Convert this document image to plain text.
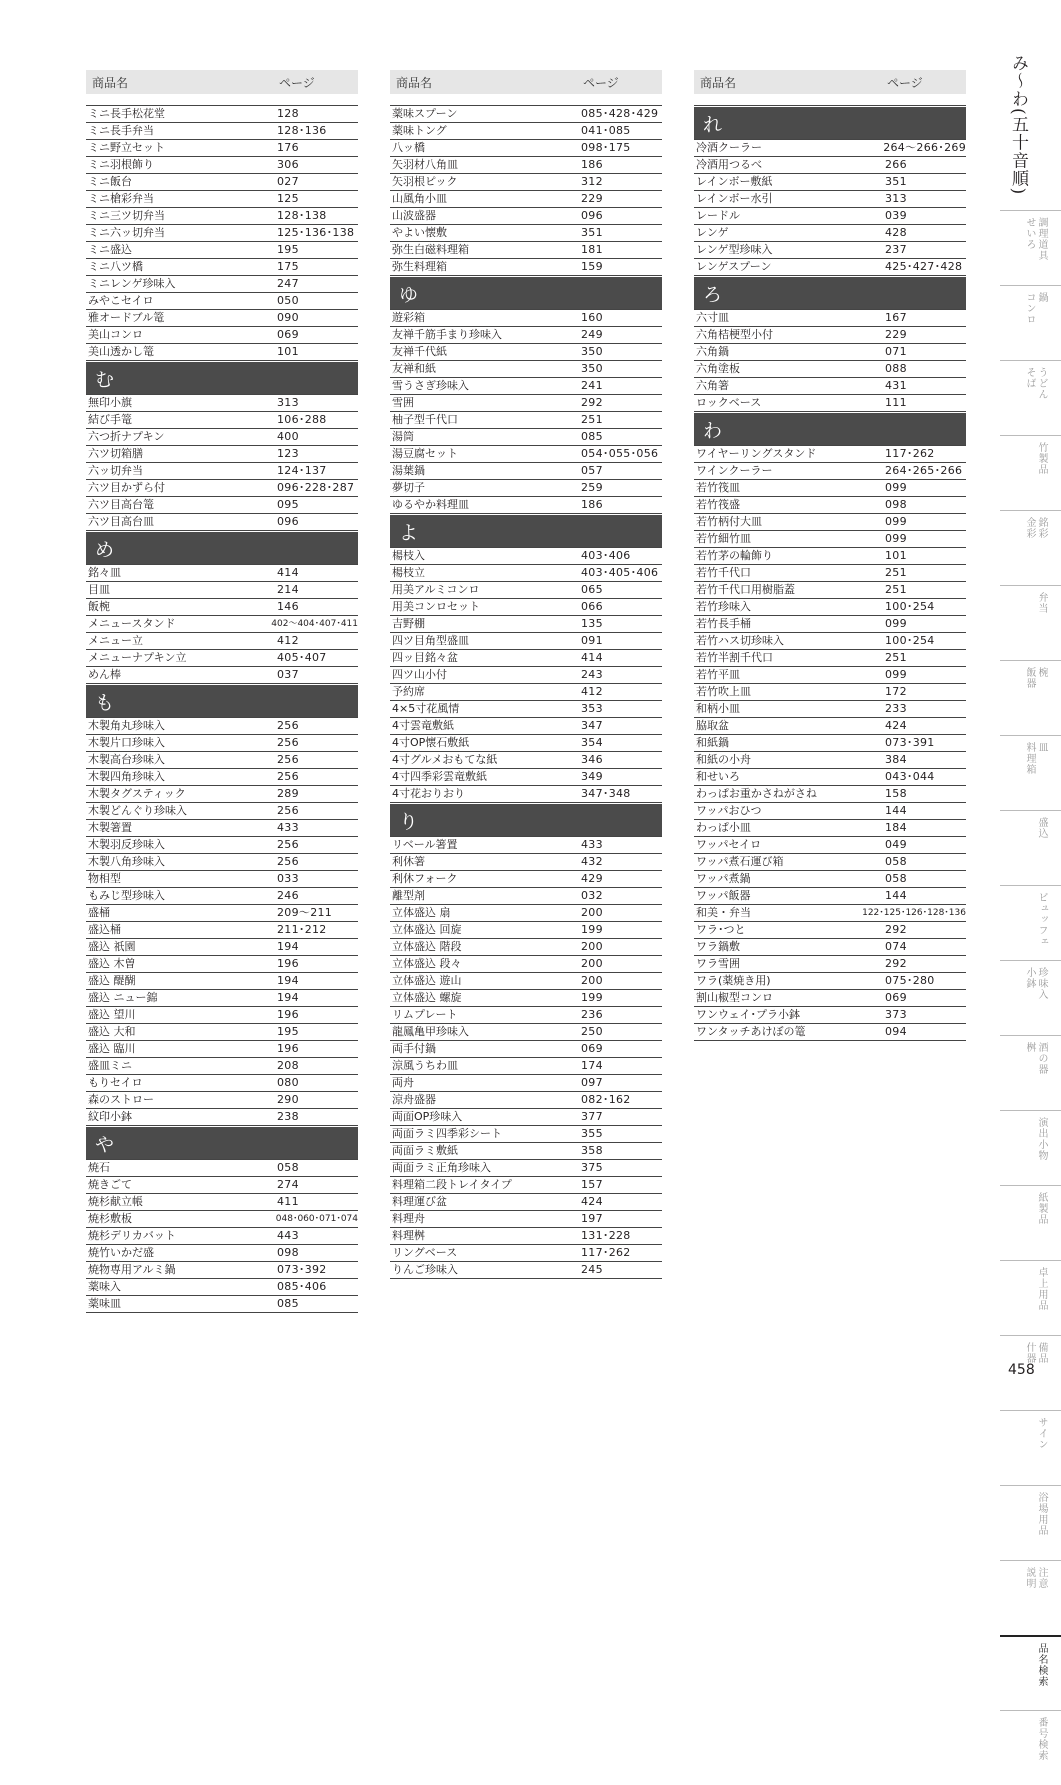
商品名	ページ
ミニ長手松花堂	128
ミニ長手弁当	128･136
ミニ野立セット	176
ミニ羽根飾り	306
ミニ飯台	027
ミニ槍彩弁当	125
ミニ三ツ切弁当	128･138
ミニ六ッ切弁当	125･136･138
ミニ盛込	195
ミニ八ツ橋	175
ミニレンゲ珍味入	247
みやこセイロ	050
雅オードブル篭	090
美山コンロ	069
美山透かし篭	101
む
無印小旗	313
結び手篭	106･288
六つ折ナプキン	400
六ツ切箱膳	123
六ッ切弁当	124･137
六ツ目かずら付	096･228･287
六ツ目高台篭	095
六ツ目高台皿	096
め
銘々皿	414
目皿	214
飯椀	146
メニュースタンド	402〜404･407･411
メニュー立	412
メニューナプキン立	405･407
めん棒	037
も
木製角丸珍味入	256
木製片口珍味入	256
木製高台珍味入	256
木製四角珍味入	256
木製タグスティック	289
木製どんぐり珍味入	256
木製箸置	433
木製羽反珍味入	256
木製八角珍味入	256
物相型	033
もみじ型珍味入	246
盛桶	209〜211
盛込桶	211･212
盛込 祇園	194
盛込 木曽	196
盛込 醍醐	194
盛込 ニュー錦	194
盛込 望川	196
盛込 大和	195
盛込 臨川	196
盛皿ミニ	208
もりセイロ	080
森のストロー	290
紋印小鉢	238
や
焼石	058
焼きごて	274
焼杉献立帳	411
焼杉敷板	048･060･071･074
焼杉デリカバット	443
焼竹いかだ盛	098
焼物専用アルミ鍋	073･392
薬味入	085･406
薬味皿	085
商品名	ページ
薬味スプーン	085･428･429
薬味トング	041･085
八ッ橋	098･175
矢羽材八角皿	186
矢羽根ピック	312
山風角小皿	229
山波盛器	096
やよい懐敷	351
弥生白磁料理箱	181
弥生料理箱	159
ゆ
遊彩箱	160
友禅千筋手まり珍味入	249
友禅千代紙	350
友禅和紙	350
雪うさぎ珍味入	241
雪囲	292
柚子型千代口	251
湯筒	085
湯豆腐セット	054･055･056
湯葉鍋	057
夢切子	259
ゆるやか料理皿	186
よ
楊枝入	403･406
楊枝立	403･405･406
用美アルミコンロ	065
用美コンロセット	066
吉野棚	135
四ツ目角型盛皿	091
四ッ目銘々盆	414
四ツ山小付	243
予約席	412
4×5寸花風情	353
4寸雲竜敷紙	347
4寸OP懐石敷紙	354
4寸グルメおもてな紙	346
4寸四季彩雲竜敷紙	349
4寸花おりおり	347･348
り
リベール箸置	433
利休箸	432
利休フォーク	429
離型剤	032
立体盛込 扇	200
立体盛込 回旋	199
立体盛込 階段	200
立体盛込 段々	200
立体盛込 遊山	200
立体盛込 螺旋	199
リムプレート	236
龍鳳亀甲珍味入	250
両手付鍋	069
涼風うちわ皿	174
両舟	097
涼舟盛器	082･162
両面OP珍味入	377
両面ラミ四季彩シート	355
両面ラミ敷紙	358
両面ラミ正角珍味入	375
料理箱二段トレイタイプ	157
料理運び盆	424
料理舟	197
料理桝	131･228
リングベース	117･262
りんご珍味入	245
商品名	ページ
れ
冷酒クーラー	264〜266･269
冷酒用つるべ	266
レインボー敷紙	351
レインボー水引	313
レードル	039
レンゲ	428
レンゲ型珍味入	237
レンゲスプーン	425･427･428
ろ
六寸皿	167
六角桔梗型小付	229
六角鍋	071
六角塗板	088
六角箸	431
ロックベース	111
わ
ワイヤーリングスタンド	117･262
ワインクーラー	264･265･266
若竹筏皿	099
若竹筏盛	098
若竹柄付大皿	099
若竹細竹皿	099
若竹茅の輪飾り	101
若竹千代口	251
若竹千代口用樹脂蓋	251
若竹珍味入	100･254
若竹長手桶	099
若竹ハス切珍味入	100･254
若竹半割千代口	251
若竹平皿	099
若竹吹上皿	172
和柄小皿	233
脇取盆	424
和紙鍋	073･391
和紙の小舟	384
和せいろ	043･044
わっぱお重かさねがさね	158
ワッパおひつ	144
わっぱ小皿	184
ワッパセイロ	049
ワッパ煮石運び箱	058
ワッパ煮鍋	058
ワッパ飯器	144
和美・弁当	122･125･126･128･136
ワラ･つと	292
ワラ鍋敷	074
ワラ雪囲	292
ワラ(薬焼き用)	075･280
割山椒型コンロ	069
ワンウェイ･プラ小鉢	373
ワンタッチあけぼの篭	094
み〜わ(五十音順)
調理道具
せいろ
鍋
コンロ
うどん
そば
竹製品
銘彩
金彩
弁当
椀
飯器
皿
料理箱
盛込
ビュッフェ
珍味入
小鉢
酒の器
桝
演出小物
紙製品
卓上用品
備品
什器
サイン
浴場用品
注意
説明
品名検索
番号検索
458
